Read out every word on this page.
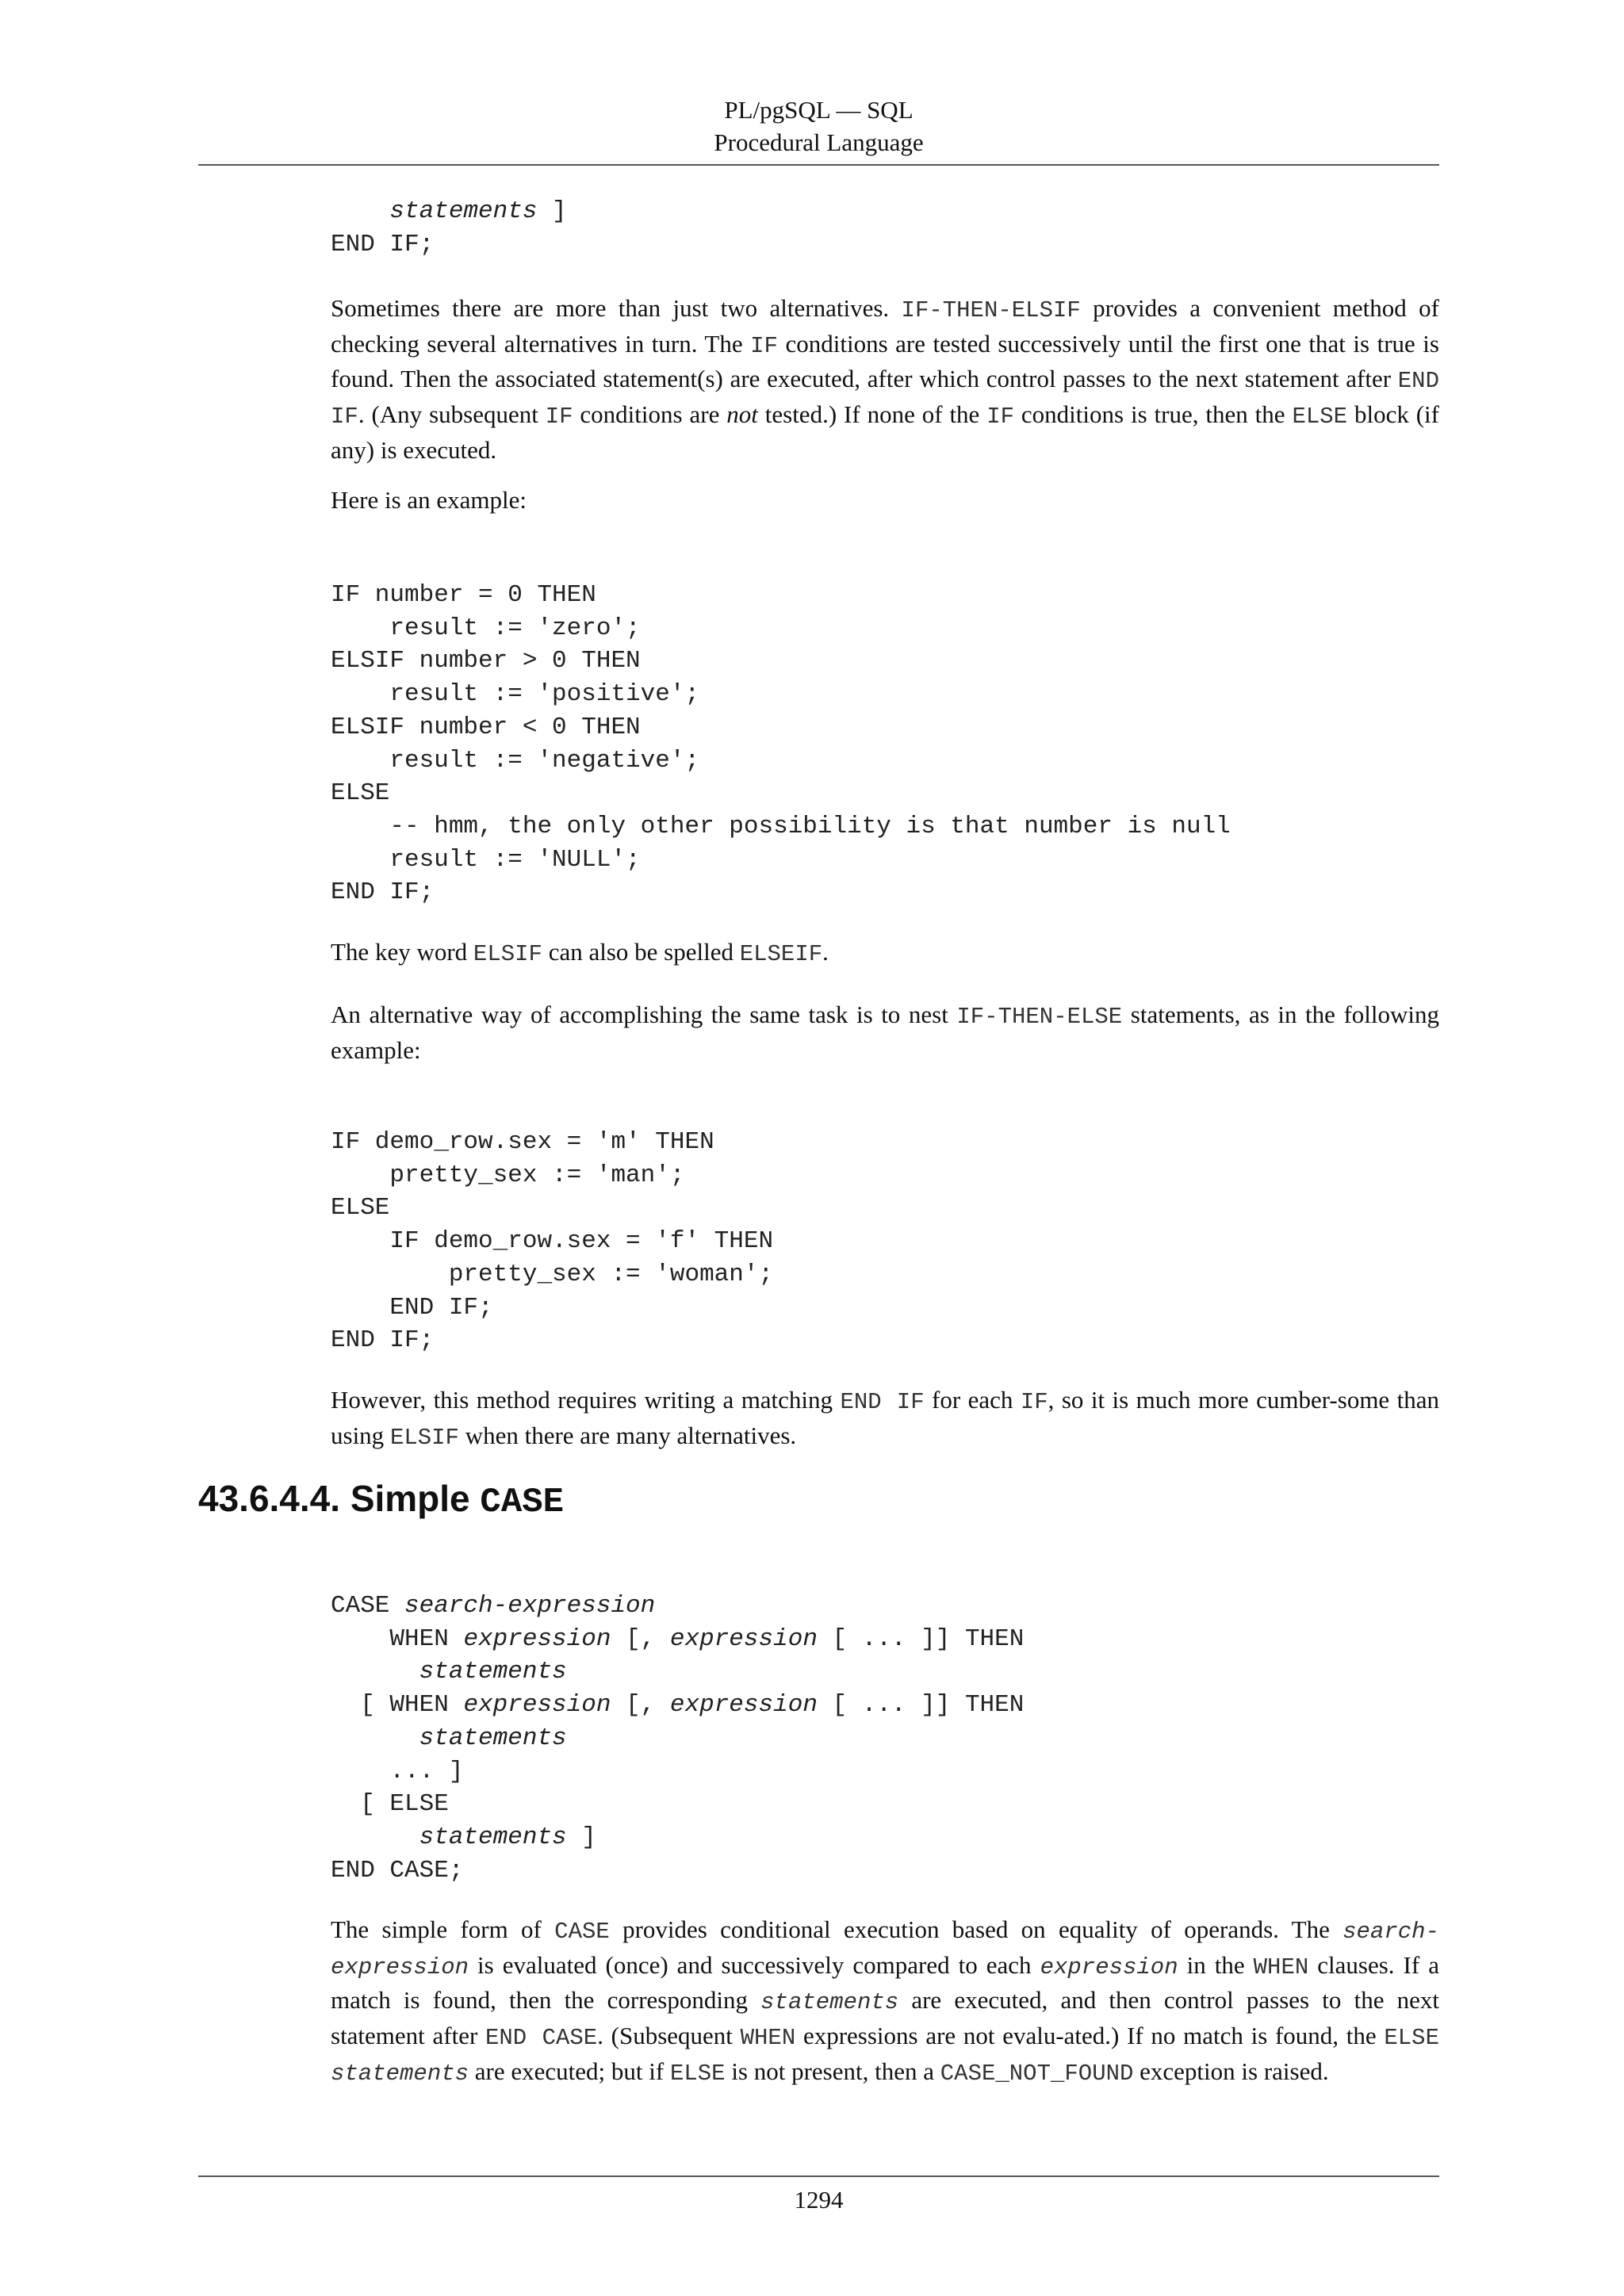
PL/pgSQL — SQL
Procedural Language
statements ]
END IF;

Sometimes there are more than just two alternatives. IF-THEN-ELSIF provides a convenient method of checking several alternatives in turn. The IF conditions are tested successively until the first one that is true is found. Then the associated statement(s) are executed, after which control passes to the next statement after END IF. (Any subsequent IF conditions are not tested.) If none of the IF conditions is true, then the ELSE block (if any) is executed.

Here is an example:

IF number = 0 THEN
result := 'zero';
ELSIF number > 0 THEN
result := 'positive';
ELSIF number < 0 THEN
result := 'negative';
ELSE
-- hmm, the only other possibility is that number is null
result := 'NULL';
END IF;

The key word ELSIF can also be spelled ELSEIF.

An alternative way of accomplishing the same task is to nest IF-THEN-ELSE statements, as in the following example:

IF demo_row.sex = 'm' THEN
pretty_sex := 'man';
ELSE
IF demo_row.sex = 'f' THEN
pretty_sex := 'woman';
END IF;
END IF;

However, this method requires writing a matching END IF for each IF, so it is much more cumber-some than using ELSIF when there are many alternatives.

43.6.4.4. Simple CASE
CASE search-expression
WHEN expression [, expression [ ... ]] THEN
statements
[ WHEN expression [, expression [ ... ]] THEN
statements
... ]
[ ELSE
statements ]
END CASE;

The simple form of CASE provides conditional execution based on equality of operands. The search-expression is evaluated (once) and successively compared to each expression in the WHEN clauses. If a match is found, then the corresponding statements are executed, and then control passes to the next statement after END CASE. (Subsequent WHEN expressions are not evalu-ated.) If no match is found, the ELSE statements are executed; but if ELSE is not present, then a CASE_NOT_FOUND exception is raised.

1294
